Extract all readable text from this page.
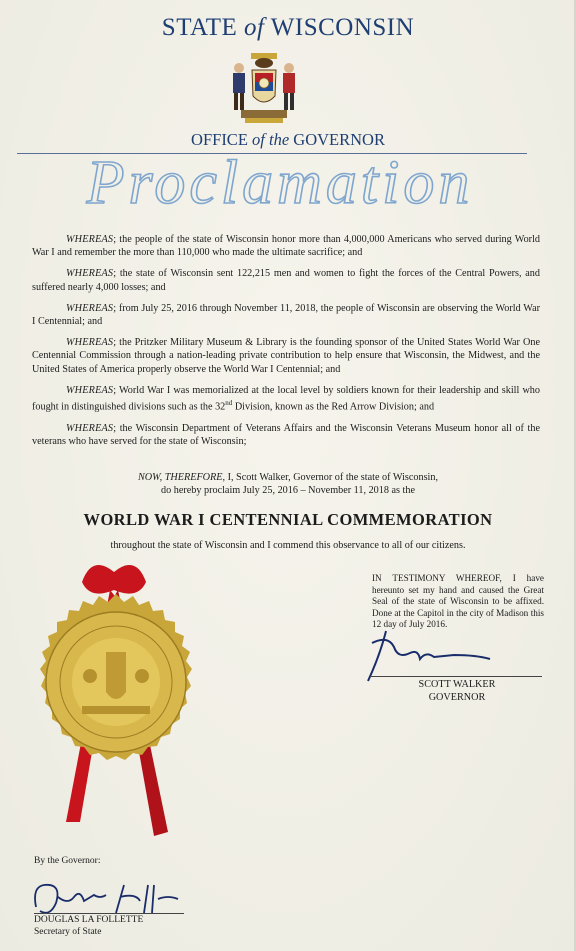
STATE of WISCONSIN
OFFICE of the GOVERNOR
Proclamation

WHEREAS; the people of the state of Wisconsin honor more than 4,000,000 Americans who served during World War I and remember the more than 110,000 who made the ultimate sacrifice; and

WHEREAS; the state of Wisconsin sent 122,215 men and women to fight the forces of the Central Powers, and suffered nearly 4,000 losses; and

WHEREAS; from July 25, 2016 through November 11, 2018, the people of Wisconsin are observing the World War I Centennial; and

WHEREAS; the Pritzker Military Museum & Library is the founding sponsor of the United States World War One Centennial Commission through a nation-leading private contribution to help ensure that Wisconsin, the Midwest, and the United States of America properly observe the World War I Centennial; and

WHEREAS; World War I was memorialized at the local level by soldiers known for their leadership and skill who fought in distinguished divisions such as the 32nd Division, known as the Red Arrow Division; and

WHEREAS; the Wisconsin Department of Veterans Affairs and the Wisconsin Veterans Museum honor all of the veterans who have served for the state of Wisconsin;

NOW, THEREFORE, I, Scott Walker, Governor of the state of Wisconsin,
do hereby proclaim July 25, 2016 – November 11, 2018 as the
WORLD WAR I CENTENNIAL COMMEMORATION
throughout the state of Wisconsin and I commend this observance to all of our citizens.
IN TESTIMONY WHEREOF, I have hereunto set my hand and caused the Great Seal of the state of Wisconsin to be affixed. Done at the Capitol in the city of Madison this 12 day of July 2016.
SCOTT WALKER
GOVERNOR
By the Governor:
DOUGLAS LA FOLLETTE
Secretary of State
